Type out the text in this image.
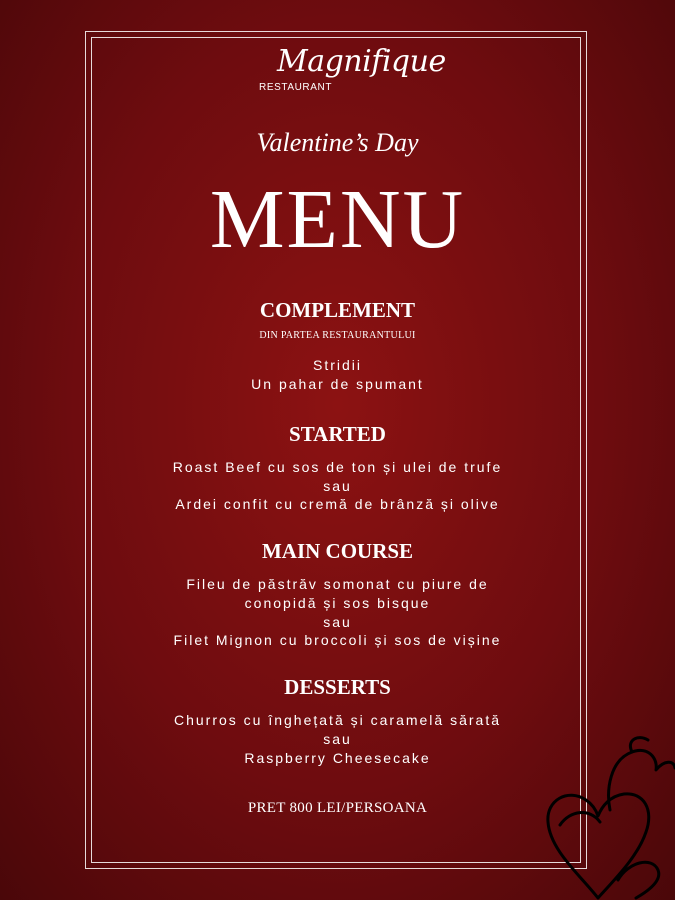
Magnifique
RESTAURANT
Valentine’s Day
MENU
COMPLEMENT
DIN PARTEA RESTAURANTULUI
Stridii
Un pahar de spumant
STARTED
Roast Beef cu sos de ton și ulei de trufe
sau
Ardei confit cu cremă de brânză și olive
MAIN COURSE
Fileu de păstrăv somonat cu piure de
conopidă și sos bisque
sau
Filet Mignon cu broccoli și sos de vișine
DESSERTS
Churros cu înghețată și caramelă sărată
sau
Raspberry Cheesecake
PRET 800 LEI/PERSOANA
